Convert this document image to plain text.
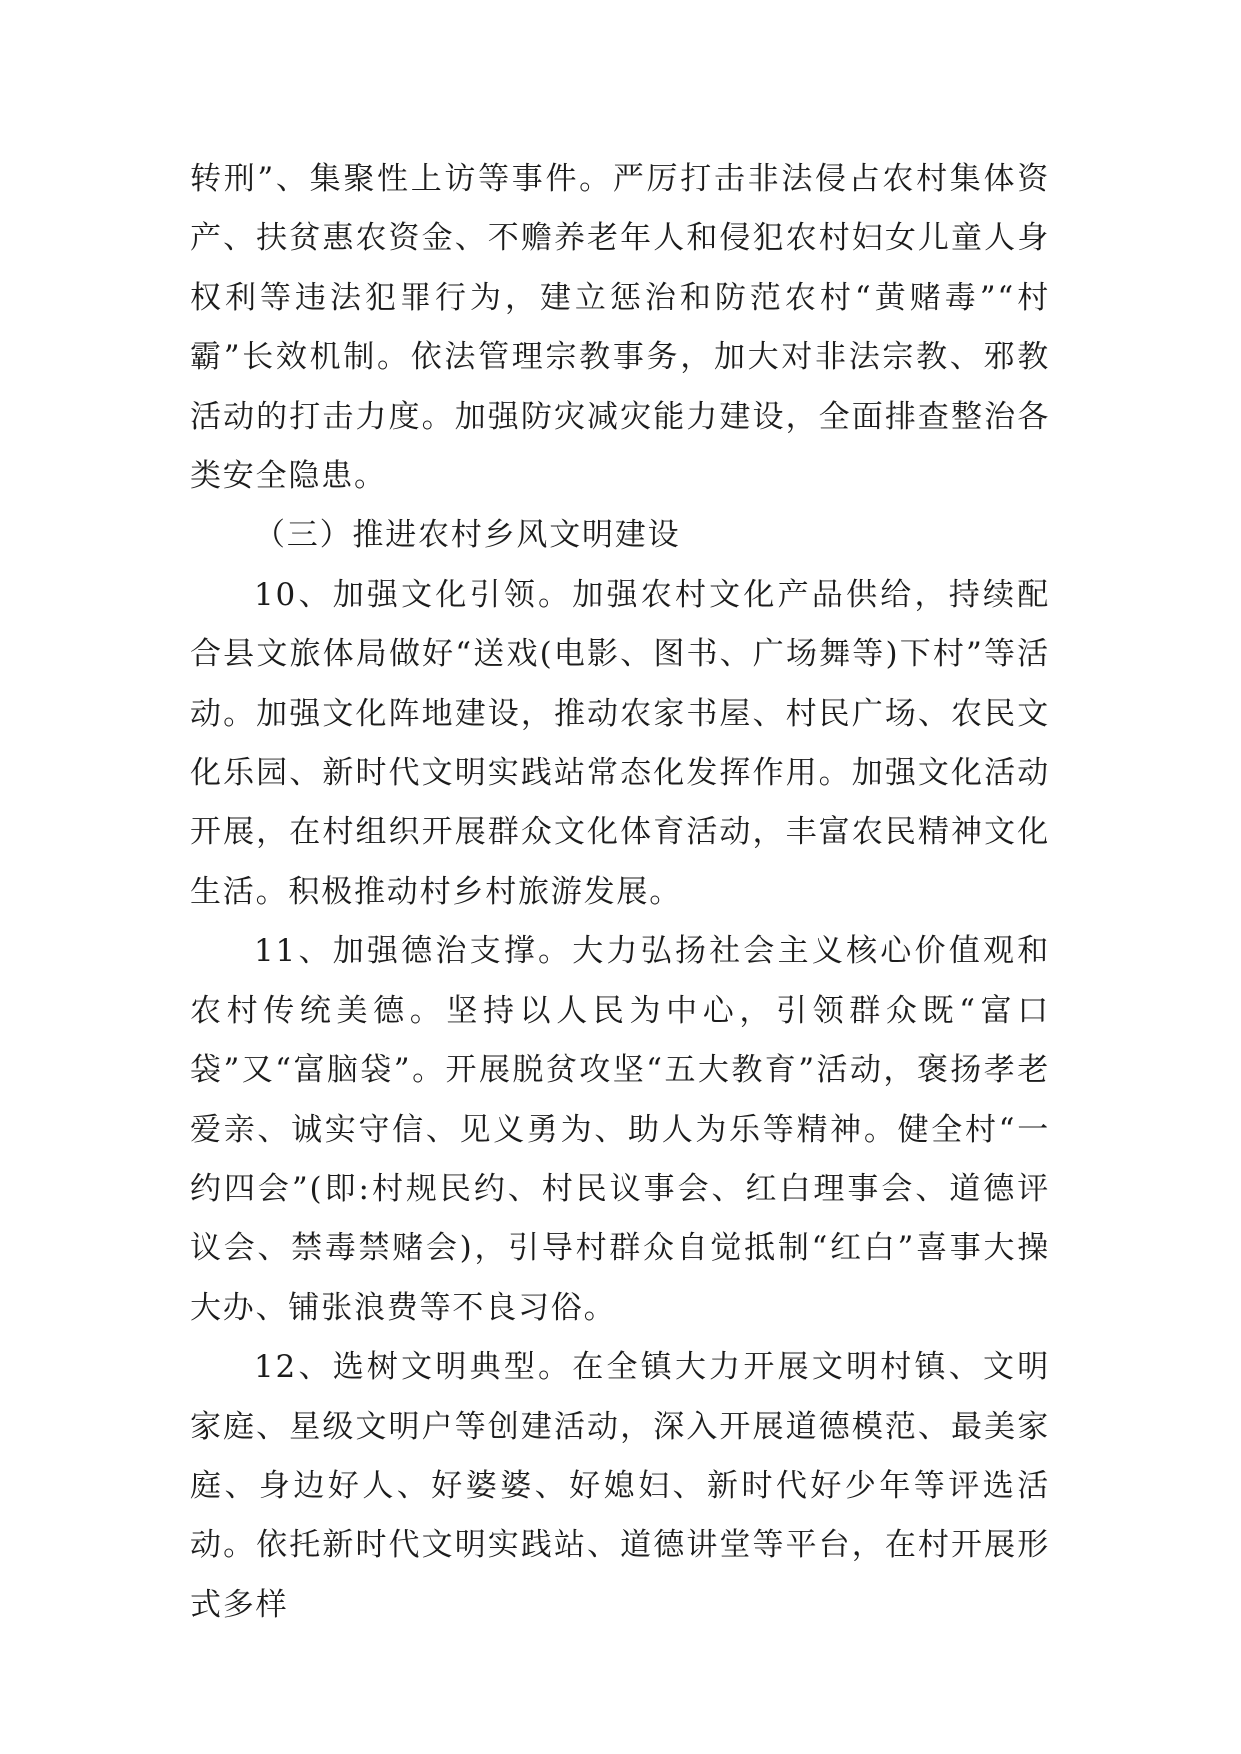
转刑”、集聚性上访等事件。严厉打击非法侵占农村集体资产、扶贫惠农资金、不赡养老年人和侵犯农村妇女儿童人身权利等违法犯罪行为，建立惩治和防范农村“黄赌毒”“村霸”长效机制。依法管理宗教事务，加大对非法宗教、邪教活动的打击力度。加强防灾减灾能力建设，全面排查整治各类安全隐患。

（三）推进农村乡风文明建设

10、加强文化引领。加强农村文化产品供给，持续配合县文旅体局做好“送戏(电影、图书、广场舞等)下村”等活动。加强文化阵地建设，推动农家书屋、村民广场、农民文化乐园、新时代文明实践站常态化发挥作用。加强文化活动开展，在村组织开展群众文化体育活动，丰富农民精神文化生活。积极推动村乡村旅游发展。

11、加强德治支撑。大力弘扬社会主义核心价值观和农村传统美德。坚持以人民为中心，引领群众既“富口袋”又“富脑袋”。开展脱贫攻坚“五大教育”活动，褒扬孝老爱亲、诚实守信、见义勇为、助人为乐等精神。健全村“一约四会”(即:村规民约、村民议事会、红白理事会、道德评议会、禁毒禁赌会)，引导村群众自觉抵制“红白”喜事大操大办、铺张浪费等不良习俗。

12、选树文明典型。在全镇大力开展文明村镇、文明家庭、星级文明户等创建活动，深入开展道德模范、最美家庭、身边好人、好婆婆、好媳妇、新时代好少年等评选活动。依托新时代文明实践站、道德讲堂等平台，在村开展形式多样
